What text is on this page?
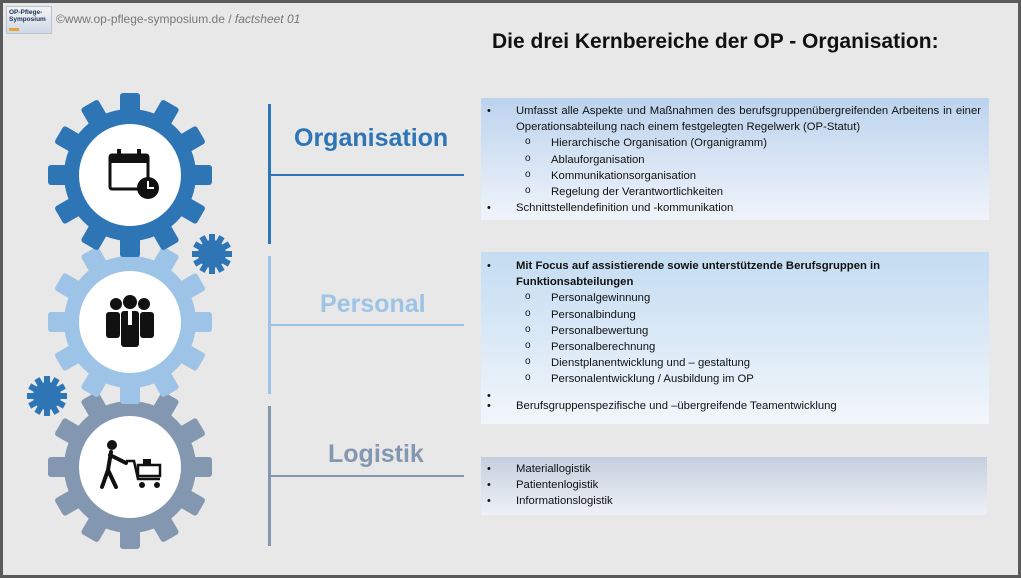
OP-Pflege-
Symposium ©www.op-pflege-symposium.de / factsheet 01
Die drei Kernbereiche der OP - Organisation:
Organisation
Personal
Logistik
• Umfasst alle Aspekte und Maßnahmen des berufsgruppenübergreifenden Arbeitens in einer Operationsabteilung nach einem festgelegten Regelwerk (OP-Statut)
o Hierarchische Organisation (Organigramm)
o Ablauforganisation
o Kommunikationsorganisation
o Regelung der Verantwortlichkeiten
• Schnittstellendefinition und -kommunikation
• Mit Focus auf assistierende sowie unterstützende Berufsgruppen in Funktionsabteilungen
o Personalgewinnung
o Personalbindung
o Personalbewertung
o Personalberechnung
o Dienstplanentwicklung und – gestaltung
o Personalentwicklung / Ausbildung im OP
•
• Berufsgruppenspezifische und –übergreifende Teamentwicklung
• Materiallogistik
• Patientenlogistik
• Informationslogistik
